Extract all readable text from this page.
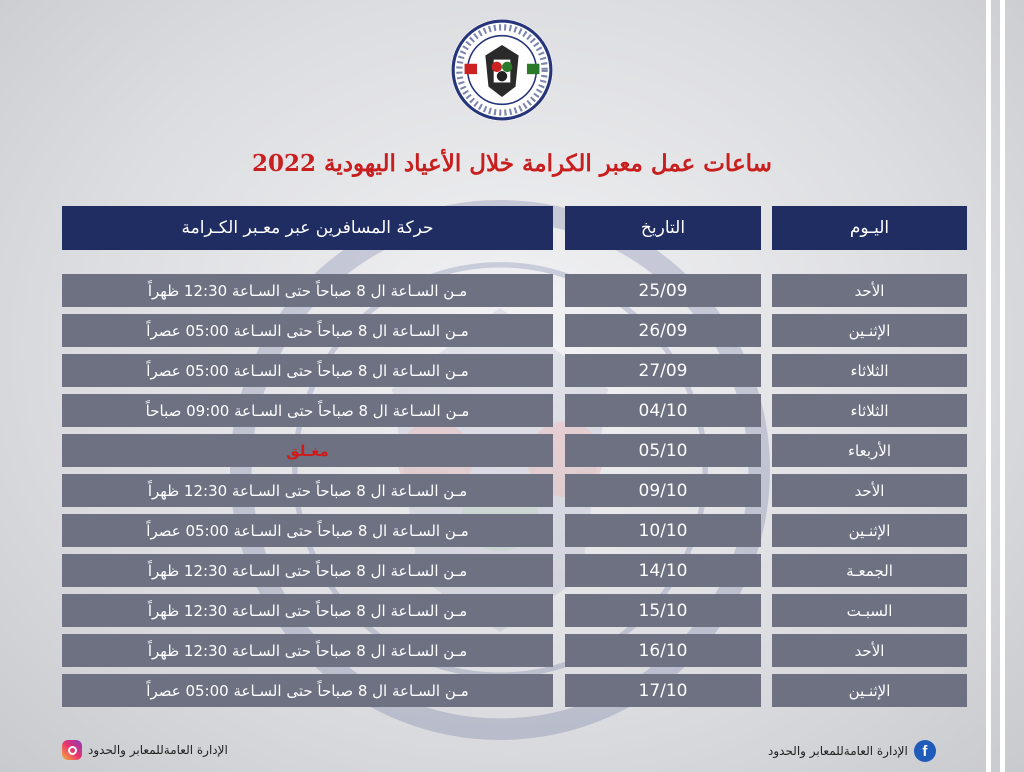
ساعات عمل معبر الكرامة خلال الأعياد اليهودية 2022
اليـوم
التاريخ
حركة المسافرين عبر معـبر الكـرامة
الأحد
25/09
مـن السـاعة ال 8 صباحاً حتى السـاعة 12:30 ظهراً
الإثنـين
26/09
مـن السـاعة ال 8 صباحاً حتى السـاعة 05:00 عصراً
الثلاثاء
27/09
مـن السـاعة ال 8 صباحاً حتى السـاعة 05:00 عصراً
الثلاثاء
04/10
مـن السـاعة ال 8 صباحاً حتى السـاعة 09:00 صباحاً
الأربعاء
05/10
مغـلق
الأحد
09/10
مـن السـاعة ال 8 صباحاً حتى السـاعة 12:30 ظهراً
الإثنـين
10/10
مـن السـاعة ال 8 صباحاً حتى السـاعة 05:00 عصراً
الجمعـة
14/10
مـن السـاعة ال 8 صباحاً حتى السـاعة 12:30 ظهراً
السبـت
15/10
مـن السـاعة ال 8 صباحاً حتى السـاعة 12:30 ظهراً
الأحد
16/10
مـن السـاعة ال 8 صباحاً حتى السـاعة 12:30 ظهراً
الإثنـين
17/10
مـن السـاعة ال 8 صباحاً حتى السـاعة 05:00 عصراً
f
الإدارة العامةللمعابر والحدود
الإدارة العامةللمعابر والحدود
